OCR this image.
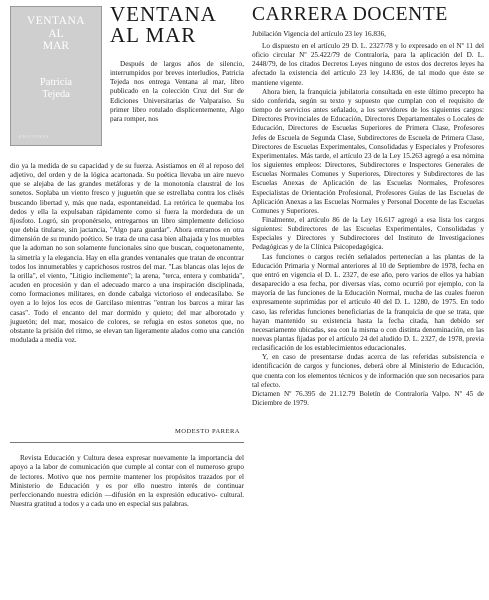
VENTANA
AL
MAR
Patricia
Tejeda
EDICIONES
VENTANA AL MAR

Después de largos años de silencio, interrumpidos por breves interludios, Patricia Tejeda nos entrega Ventana al mar, libro publicado en la colección Cruz del Sur de Ediciones Universitarias de Valparaíso. Su primer libro rotulado displicentemente, Algo para romper, nos

dio ya la medida de su capacidad y de su fuerza. Asistíamos en él al reposo del adjetivo, del orden y de la lógica acartonada. Su poética llevaba un aire nuevo que se alejaba de las grandes metáforas y de la monotonía claustral de los sonetos. Soplaba un viento fresco y juguetón que se estrellaba contra los clisés buscando libertad y, más que nada, espontaneidad. La retórica le quemaba los dedos y ella la expulsaban rápidamente como si fuera la mordedura de un ñjosfoto. Logró, sin proponérselo, entregarnos un libro simplemente delicioso que debía titularse, sin jactancia, "Algo para guardar". Ahora entramos en otra dimensión de su mundo poético. Se trata de una casa bien alhajada y los muebles que la adornan no son solamente funcionales sino que buscan, coquetonamente, la simetría y la elegancia. Hay en ella grandes ventanales que tratan de encontrar todos los innumerables y caprichosos rostros del mar. "Las blancas olas lejos de la orilla", el viento, "Litigio incliemente"; la arena, "terca, entera y combatida", acuden en procesión y dan el adecuado marco a una inspiración disciplinada, como formaciones militares, en donde cabalga victorioso el endecasílabo. Se oyen a lo lejos los ecos de Garcilaso mientras "entran los barcos a mirar las casas". Todo el encanto del mar dormido y quieto; del mar alborotado y juguetón; del mar, mosaico de colores, se refugia en estos sonetos que, no obstante la prisión del ritmo, se elevan tan ligeramente alados como una canción modulada a media voz.

MODESTO PARERA

Revista Educación y Cultura desea expresar nuevamente la importancia del apoyo a la labor de comunicación que cumple al contar con el numeroso grupo de lectores. Motivo que nos permite mantener los propósitos trazados por el Ministerio de Educación y es por ello nuestro interés de continuar perfeccionando nuestra edición —difusión en la expresión educativo- cultural. Nuestra gratitud a todos y a cada uno en especial sus palabras.

CARRERA DOCENTE
Jubilación Vigencia del artículo 23 ley 16.836,

Lo dispuesto en el artículo 29 D. L. 2327/78 y lo expresado en el Nº 11 del oficio circular Nº 25.422/79 de Contraloría, para la aplicación del D. L. 2448/79, de los citados Decretos Leyes ninguno de estos dos decretos leyes ha afectado la existencia del artículo 23 ley 14.836, de tal modo que éste se mantiene vigente.

Ahora bien, la franquicia jubilatoria consultada en este último precepto ha sido conferida, según su texto y supuesto que cumplan con el requisito de tiempo de servicios antes señalado, a los servidores de los siguientes cargos: Directores Provinciales de Educación, Directores Departamentales o Locales de Educación, Directores de Escuelas Superiores de Primera Clase, Profesores Jefes de Escuela de Segunda Clase, Subdirectores de Escuela de Primera Clase, Directores de Escuelas Experimentales, Consolidadas y Especiales y Profesores Experimentales. Más tarde, el artículo 23 de la Ley 15.263 agregó a esa nómina los siguientes empleos: Directores, Subdirectores e Inspectores Generales de Escuelas Normales Comunes y Superiores, Directores y Subdirectores de las Escuelas Anexas de Aplicación de las Escuelas Normales, Profesores Especialistas de Orientación Profesional, Profesores Guías de las Escuelas de Aplicación Anexas a las Escuelas Normales y Personal Docente de las Escuelas Comunes y Superiores.

Finalmente, el artículo 86 de la Ley 16.617 agregó a esa lista los cargos siguientes: Subdirectores de las Escuelas Experimentales, Consolidadas y Especiales y Directores y Subdirectores del Instituto de Investigaciones Pedagógicas y de la Clínica Psicopedagógica.

Las funciones o cargos recién señalados pertenecían a las plantas de la Educación Primaria y Normal anteriores al 10 de Septiembre de 1978, fecha en que entró en vigencia el D. L. 2327, de ese año, pero varios de ellos ya habían desaparecido a esa fecha, por diversas vías, como ocurrió por ejemplo, con la mayoría de las funciones de la Educación Normal, mucha de las cuales fueron expresamente suprimidas por el artículo 40 del D. L. 1280, de 1975. En todo caso, las referidas funciones beneficiarias de la franquicia de que se trata, que hayan mantenido su existencia hasta la fecha citada, han debido ser necesariamente ubicadas, sea con la misma o con distinta denominación, en las nuevas plantas fijadas por el artículo 24 del aludido D. L. 2327, de 1978, previa reclasificación de los establecimientos educacionales.

Y, en caso de presentarse dudas acerca de las referidas subsistencia e identificación de cargos y funciones, deberá obre al Ministerio de Educación, que cuenta con los elementos técnicos y de información que son necesarios para tal efecto.

Dictamen Nº 76.395 de 21.12.79 Boletín de Contraloría Valpo. Nº 45 de Diciembre de 1979.
